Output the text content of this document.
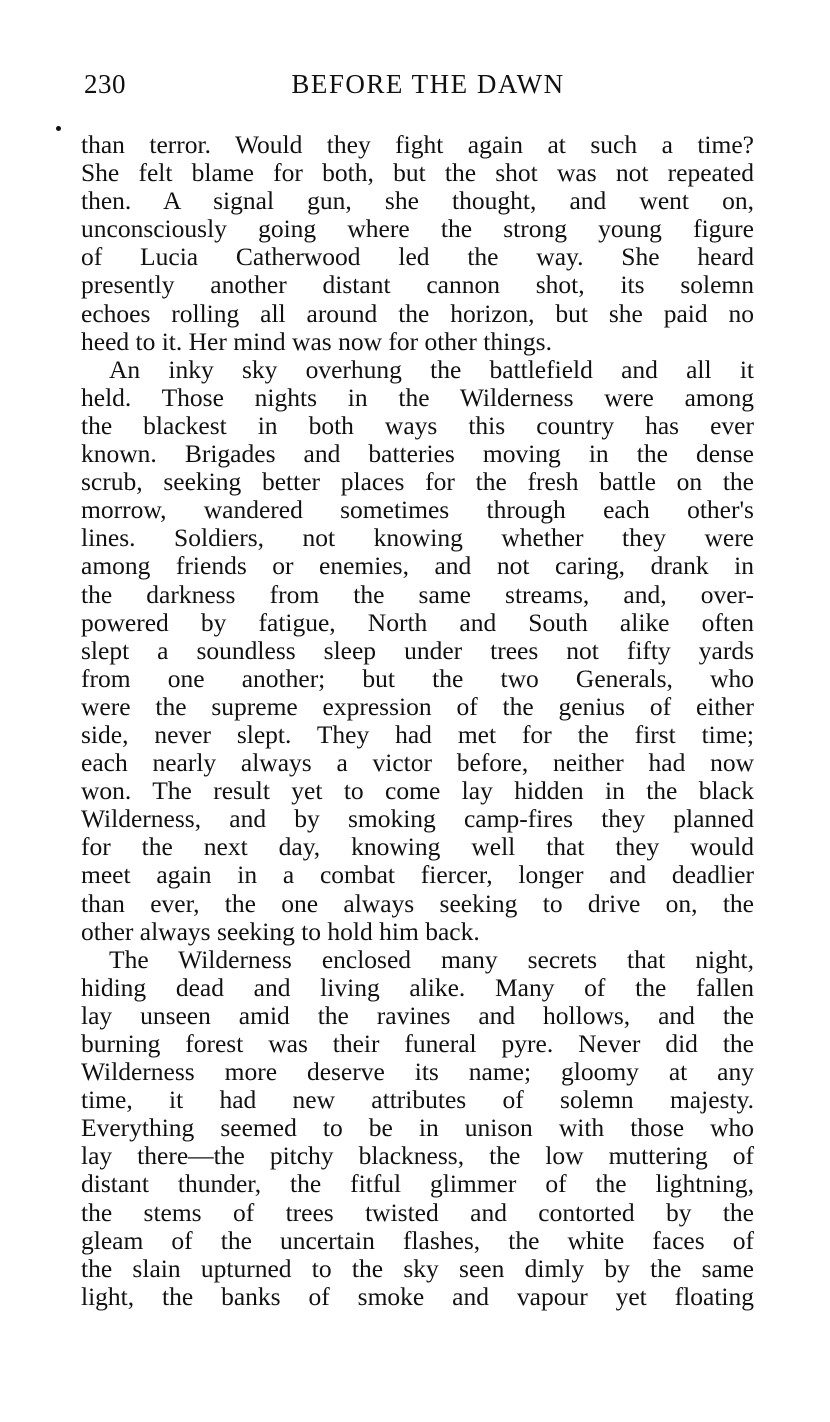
230	BEFORE THE DAWN
than terror. Would they fight again at such a time?
She felt blame for both, but the shot was not repeated
then. A signal gun, she thought, and went on,
unconsciously going where the strong young figure
of Lucia Catherwood led the way. She heard
presently another distant cannon shot, its solemn
echoes rolling all around the horizon, but she paid no
heed to it. Her mind was now for other things.
An inky sky overhung the battlefield and all it
held. Those nights in the Wilderness were among
the blackest in both ways this country has ever
known. Brigades and batteries moving in the dense
scrub, seeking better places for the fresh battle on the
morrow, wandered sometimes through each other's
lines. Soldiers, not knowing whether they were
among friends or enemies, and not caring, drank in
the darkness from the same streams, and, over-
powered by fatigue, North and South alike often
slept a soundless sleep under trees not fifty yards
from one another; but the two Generals, who
were the supreme expression of the genius of either
side, never slept. They had met for the first time;
each nearly always a victor before, neither had now
won. The result yet to come lay hidden in the black
Wilderness, and by smoking camp-fires they planned
for the next day, knowing well that they would
meet again in a combat fiercer, longer and deadlier
than ever, the one always seeking to drive on, the
other always seeking to hold him back.
The Wilderness enclosed many secrets that night,
hiding dead and living alike. Many of the fallen
lay unseen amid the ravines and hollows, and the
burning forest was their funeral pyre. Never did the
Wilderness more deserve its name; gloomy at any
time, it had new attributes of solemn majesty.
Everything seemed to be in unison with those who
lay there—the pitchy blackness, the low muttering of
distant thunder, the fitful glimmer of the lightning,
the stems of trees twisted and contorted by the
gleam of the uncertain flashes, the white faces of
the slain upturned to the sky seen dimly by the same
light, the banks of smoke and vapour yet floating
